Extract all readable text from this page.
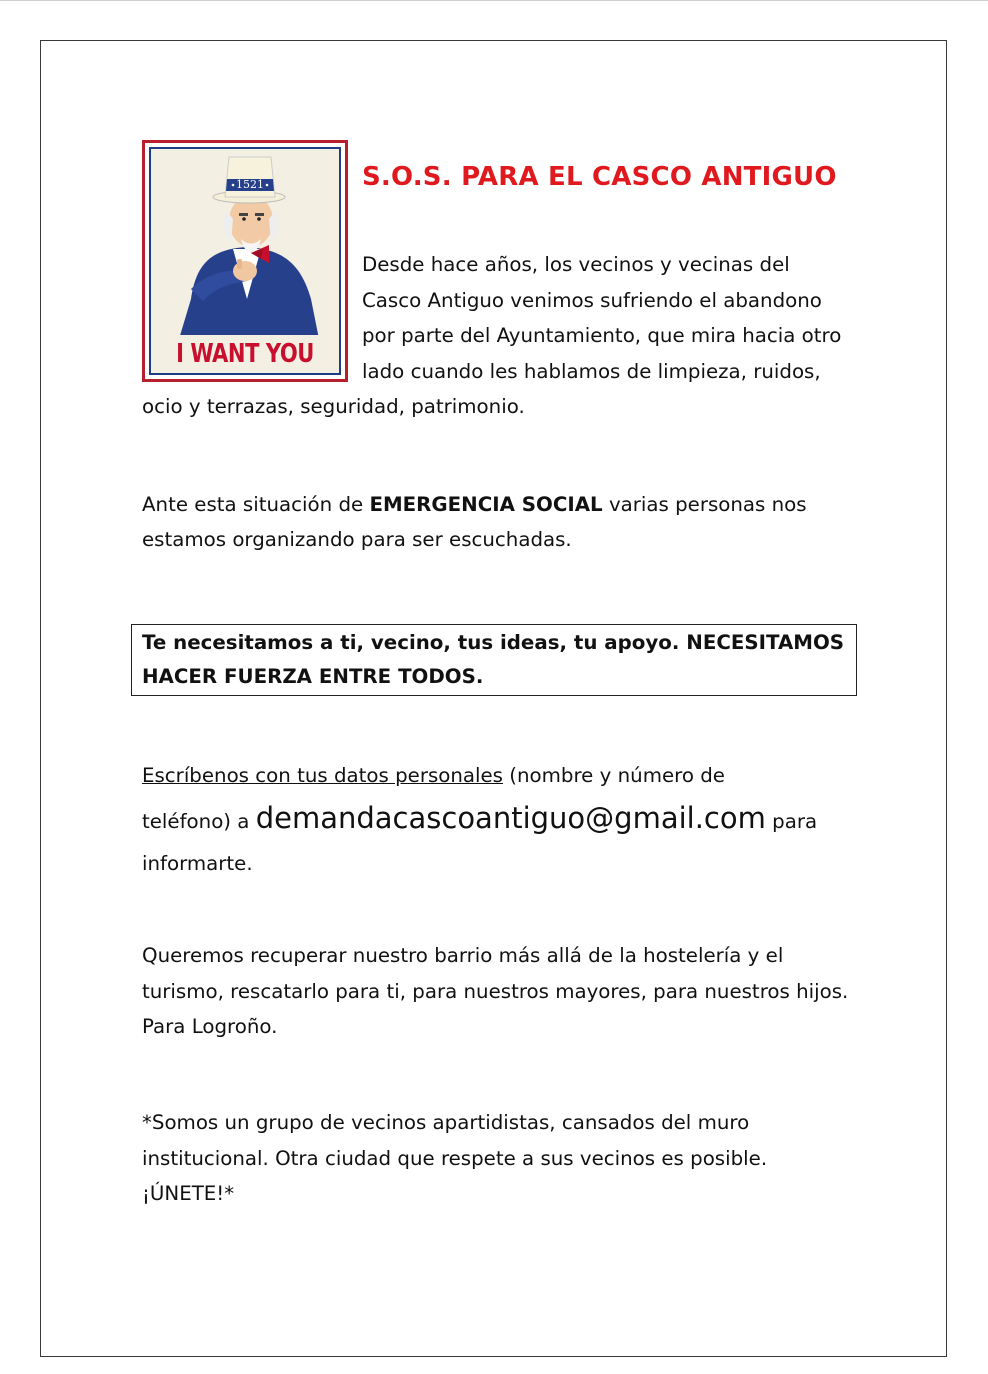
1521
I WANT YOU
S.O.S. PARA EL CASCO ANTIGUO

Desde hace años, los vecinos y vecinas del Casco Antiguo venimos sufriendo el abandono por parte del Ayuntamiento, que mira hacia otro lado cuando les hablamos de limpieza, ruidos, ocio y terrazas, seguridad, patrimonio.

Ante esta situación de EMERGENCIA SOCIAL varias personas nos estamos organizando para ser escuchadas.

Te necesitamos a ti, vecino, tus ideas, tu apoyo. NECESITAMOS HACER FUERZA ENTRE TODOS.
Escríbenos con tus datos personales (nombre y número de
teléfono) a demandacascoantiguo@gmail.com para
informarte.
Queremos recuperar nuestro barrio más allá de la hostelería y el turismo, rescatarlo para ti, para nuestros mayores, para nuestros hijos. Para Logroño.
*Somos un grupo de vecinos apartidistas, cansados del muro institucional. Otra ciudad que respete a sus vecinos es posible. ¡ÚNETE!*
